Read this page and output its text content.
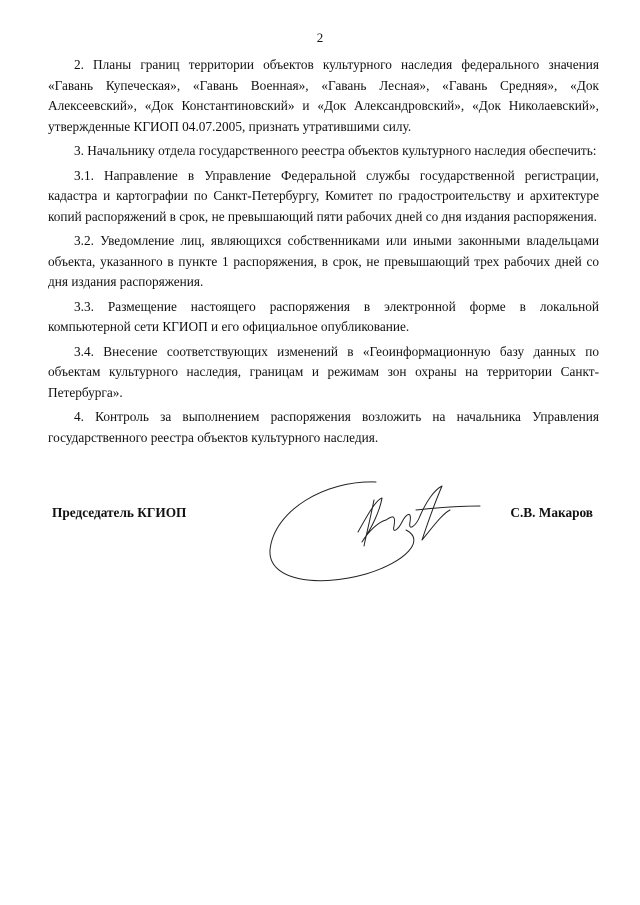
2

2. Планы границ территории объектов культурного наследия федерального значения «Гавань Купеческая», «Гавань Военная», «Гавань Лесная», «Гавань Средняя», «Док Алексеевский», «Док Константиновский» и «Док Александровский», «Док Николаевский», утвержденные КГИОП 04.07.2005, признать утратившими силу.

3. Начальнику отдела государственного реестра объектов культурного наследия обеспечить:

3.1. Направление в Управление Федеральной службы государственной регистрации, кадастра и картографии по Санкт-Петербургу, Комитет по градостроительству и архитектуре копий распоряжений в срок, не превышающий пяти рабочих дней со дня издания распоряжения.

3.2. Уведомление лиц, являющихся собственниками или иными законными владельцами объекта, указанного в пункте 1 распоряжения, в срок, не превышающий трех рабочих дней со дня издания распоряжения.

3.3. Размещение настоящего распоряжения в электронной форме в локальной компьютерной сети КГИОП и его официальное опубликование.

3.4. Внесение соответствующих изменений в «Геоинформационную базу данных по объектам культурного наследия, границам и режимам зон охраны на территории Санкт-Петербурга».

4. Контроль за выполнением распоряжения возложить на начальника Управления государственного реестра объектов культурного наследия.

Председатель КГИОП	С.В. Макаров
